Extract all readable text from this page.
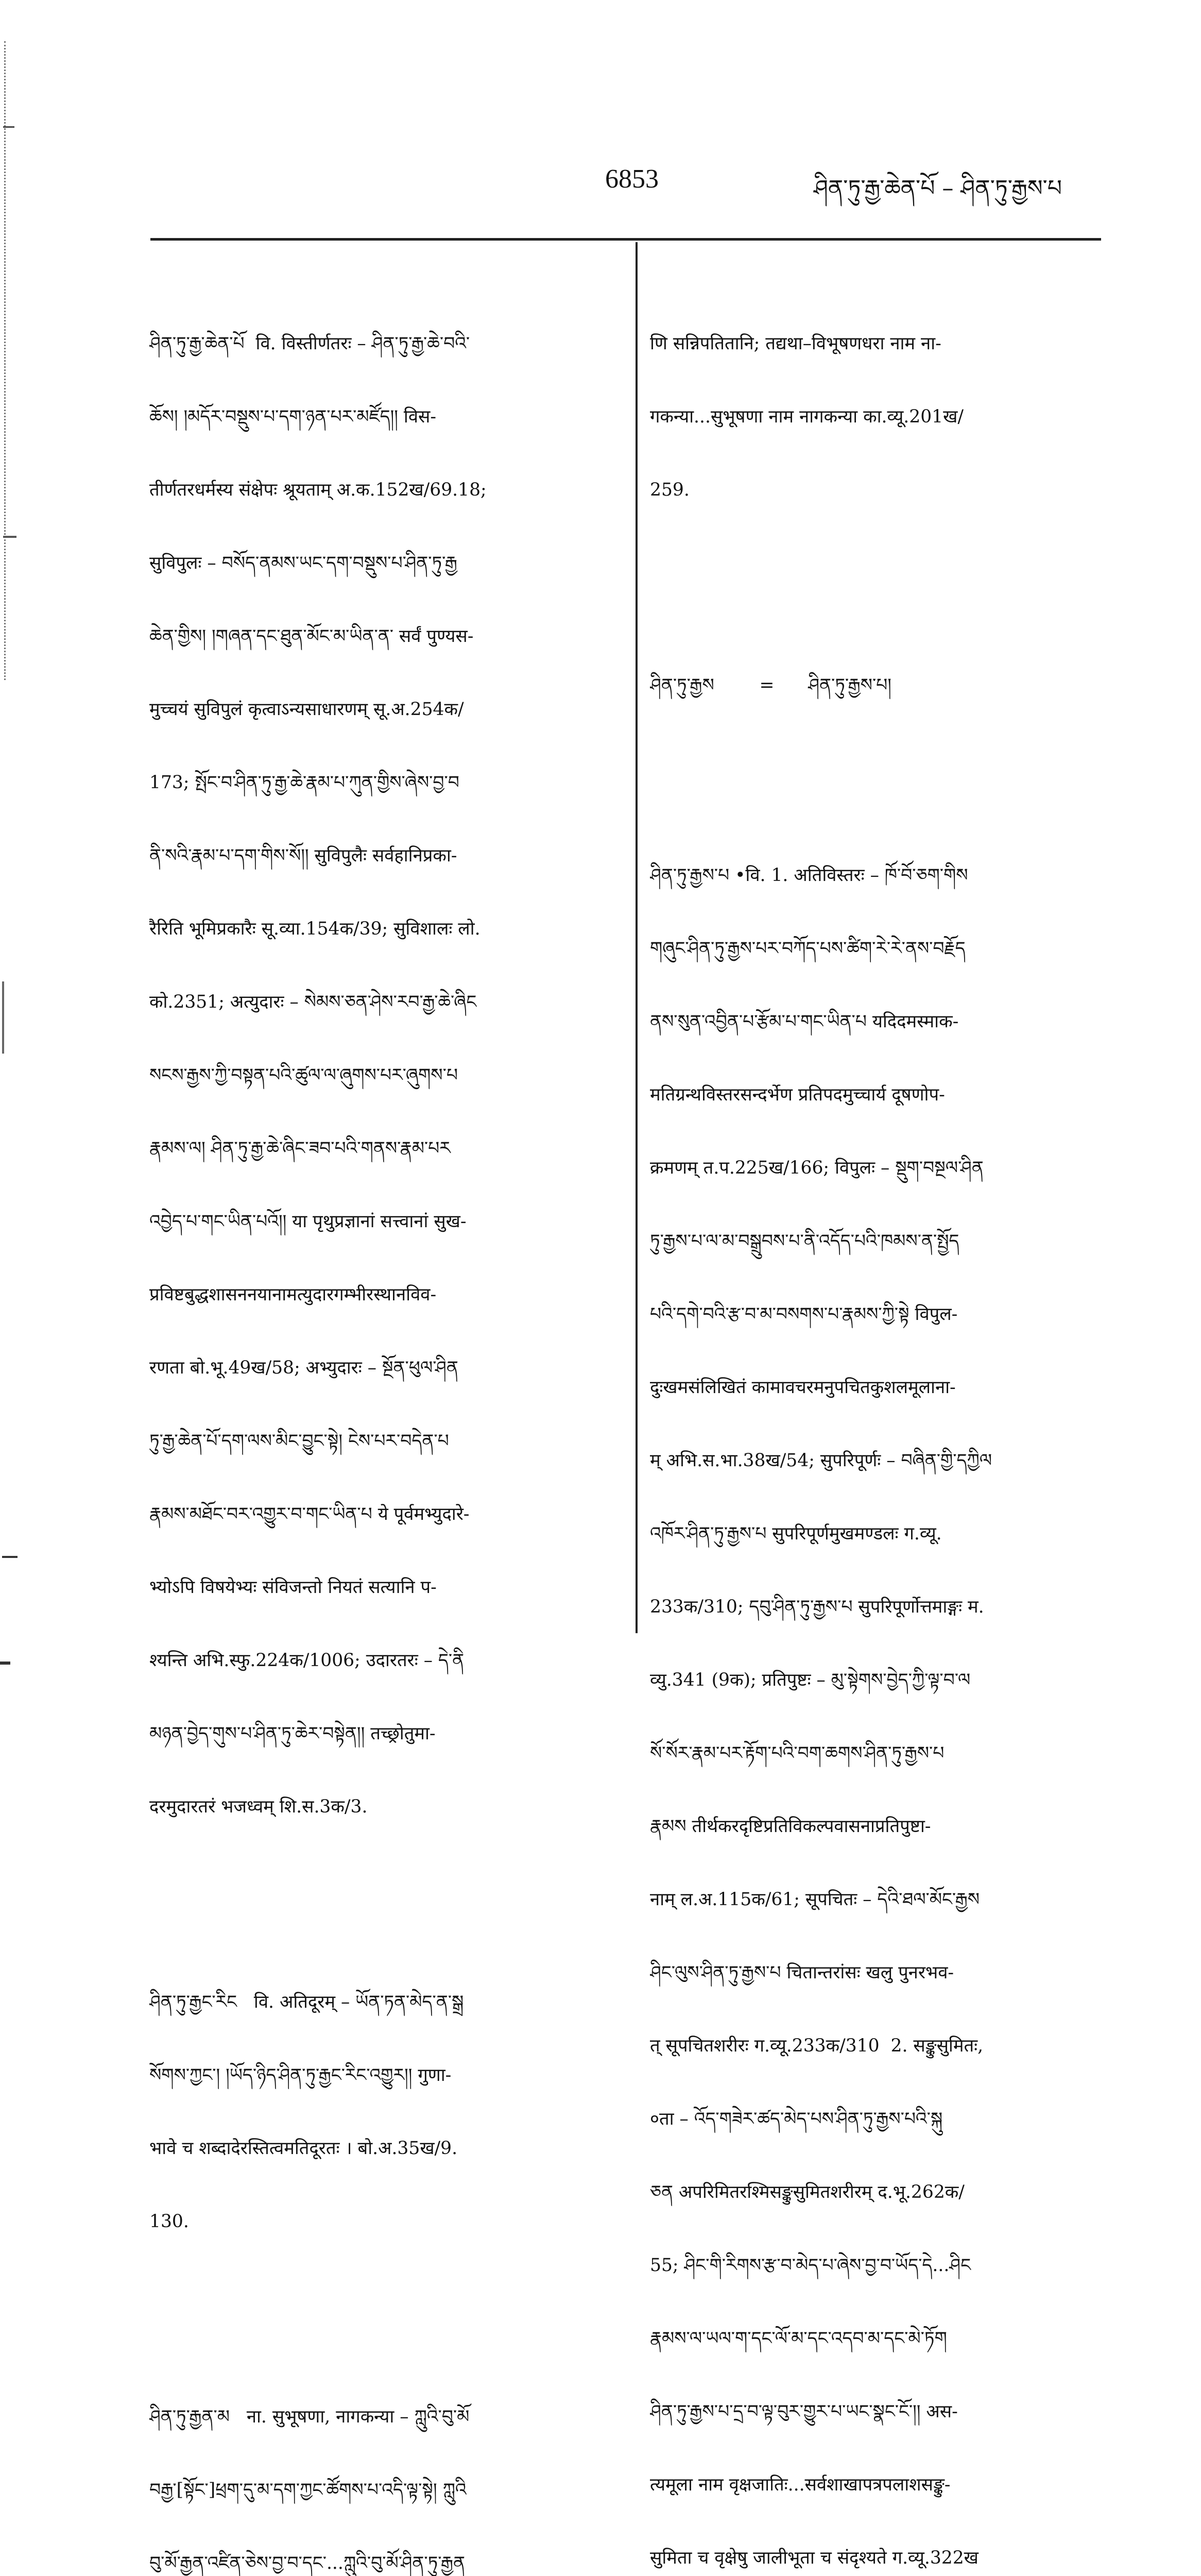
6853	ཤིན་ཏུ་རྒྱ་ཆེན་པོ – ཤིན་ཏུ་རྒྱས་པ

ཤིན་ཏུ་རྒྱ་ཆེན་པོ  वि. विस्तीर्णतरः – ཤིན་ཏུ་རྒྱ་ཆེ་བའི་

ཆོས། །མདོར་བསྡུས་པ་དག་ཉན་པར་མཛོད།། विस-

तीर्णतरधर्मस्य संक्षेपः श्रूयताम् अ.क.152ख/69.18;

सुविपुलः – བསོད་ནམས་ཡང་དག་བསྡུས་པ་ཤིན་ཏུ་རྒྱ

ཆེན་གྱིས། །གཞན་དང་ཐུན་མོང་མ་ཡིན་ན་ सर्वं पुण्यस-

मुच्चयं सुविपुलं कृत्वाऽन्यसाधारणम् सू.अ.254क/

173; སྤོང་བ་ཤིན་ཏུ་རྒྱ་ཆེ་རྣམ་པ་ཀུན་གྱིས་ཞེས་བྱ་བ

ནི་སའི་རྣམ་པ་དག་གིས་སོ།། सुविपुलैः सर्वहानिप्रका-

रैरिति भूमिप्रकारैः सू.व्या.154क/39; सुविशालः लो.

को.2351; अत्युदारः – སེམས་ཅན་ཤེས་རབ་རྒྱ་ཆེ་ཞིང

སངས་རྒྱས་ཀྱི་བསྟན་པའི་ཚུལ་ལ་ཞུགས་པར་ཞུགས་པ

རྣམས་ལ། ཤིན་ཏུ་རྒྱ་ཆེ་ཞིང་ཟབ་པའི་གནས་རྣམ་པར

འབྱེད་པ་གང་ཡིན་པའོ།། या पृथुप्रज्ञानां सत्त्वानां सुख-

प्रविष्टबुद्धशासननयानामत्युदारगम्भीरस्थानविव-

रणता बो.भू.49ख/58; अभ्युदारः – སྔོན་ཕུལ་ཤིན

ཏུ་རྒྱ་ཆེན་པོ་དག་ལས་མིང་བྱུང་སྟེ། ངེས་པར་བདེན་པ

རྣམས་མཐོང་བར་འགྱུར་བ་གང་ཡིན་པ ये पूर्वमभ्युदारे-

भ्योऽपि विषयेभ्यः संविजन्तो नियतं सत्यानि प-

श्यन्ति अभि.स्फु.224क/1006; उदारतरः – དེ་ནི

མཉན་བྱེད་གུས་པ་ཤིན་ཏུ་ཆེར་བསྟེན།། तच्छ्रोतुमा-

दरमुदारतरं भजध्वम् शि.स.3क/3.

ཤིན་ཏུ་རྒྱང་རིང   वि. अतिदूरम् – ཡོན་ཏན་མེད་ན་སྒྲ

སོགས་ཀྱང་། །ཡོད་ཉིད་ཤིན་ཏུ་རྒྱང་རིང་འགྱུར།། गुणा-

भावे च शब्दादेरस्तित्वमतिदूरतः । बो.अ.35ख/9.

130.

ཤིན་ཏུ་རྒྱན་མ   ना. सुभूषणा, नागकन्या – ཀླུའི་བུ་མོ

བརྒྱ་[སྟོང་]ཕྲག་དུ་མ་དག་ཀྱང་ཚོགས་པ་འདི་ལྟ་སྟེ། ཀླུའི

བུ་མོ་རྒྱན་འཛིན་ཅེས་བྱ་བ་དང་...ཀླུའི་བུ་མོ་ཤིན་ཏུ་རྒྱན

णि सन्निपतितानि; तद्यथा–विभूषणधरा नाम ना-

गकन्या...सुभूषणा नाम नागकन्या का.व्यू.201ख/

259.

ཤིན་ཏུ་རྒྱས        =      ཤིན་ཏུ་རྒྱས་པ།

ཤིན་ཏུ་རྒྱས་པ •वि. 1. अतिविस्तरः – ཁོ་བོ་ཅག་གིས

གཞུང་ཤིན་ཏུ་རྒྱས་པར་བཀོད་པས་ཚིག་རེ་རེ་ནས་བརྗོད

ནས་སུན་འབྱིན་པ་རྩོམ་པ་གང་ཡིན་པ यदिदमस्माक-

मतिग्रन्थविस्तरसन्दर्भेण प्रतिपदमुच्चार्य दूषणोप-

क्रमणम् त.प.225ख/166; विपुलः – སྡུག་བསྔལ་ཤིན

ཏུ་རྒྱས་པ་ལ་མ་བསྒྲུབས་པ་ནི་འདོད་པའི་ཁམས་ན་སྤྱོད

པའི་དགེ་བའི་རྩ་བ་མ་བསགས་པ་རྣམས་ཀྱི་སྟེ विपुल-

दुःखमसंलिखितं कामावचरमनुपचितकुशलमूलाना-

म् अभि.स.भा.38ख/54; सुपरिपूर्णः – བཞིན་གྱི་དཀྱིལ

འཁོར་ཤིན་ཏུ་རྒྱས་པ सुपरिपूर्णमुखमण्डलः ग.व्यू.

233क/310; དབུ་ཤིན་ཏུ་རྒྱས་པ सुपरिपूर्णोत्तमाङ्गः म.

व्यु.341 (9क); प्रतिपुष्टः – མུ་སྟེགས་བྱེད་ཀྱི་ལྟ་བ་ལ

སོ་སོར་རྣམ་པར་རྟོག་པའི་བག་ཆགས་ཤིན་ཏུ་རྒྱས་པ

རྣམས तीर्थकरदृष्टिप्रतिविकल्पवासनाप्रतिपुष्टा-

नाम् ल.अ.115क/61; सूपचितः – དེའི་ཐལ་མོང་རྒྱས

ཤིང་ལུས་ཤིན་ཏུ་རྒྱས་པ चितान्तरांसः खलु पुनरभव-

त् सूपचितशरीरः ग.व्यू.233क/310  2. सङ्कुसुमितः,

०ता – འོད་གཟེར་ཚད་མེད་པས་ཤིན་ཏུ་རྒྱས་པའི་སྐུ

ཅན अपरिमितरश्मिसङ्कुसुमितशरीरम् द.भू.262क/

55; ཤིང་གི་རིགས་རྩ་བ་མེད་པ་ཞེས་བྱ་བ་ཡོད་དེ...ཤིང

རྣམས་ལ་ཡལ་ག་དང་ལོ་མ་དང་འདབ་མ་དང་མེ་ཏོག

ཤིན་ཏུ་རྒྱས་པ་དྲ་བ་ལྟ་བུར་གྱུར་པ་ཡང་སྣང་ངོ་།། अस-

त्यमूला नाम वृक्षजातिः...सर्वशाखापत्रपलाशसङ्कु-

सुमिता च वृक्षेषु जालीभूता च संदृश्यते ग.व्यू.322ख
